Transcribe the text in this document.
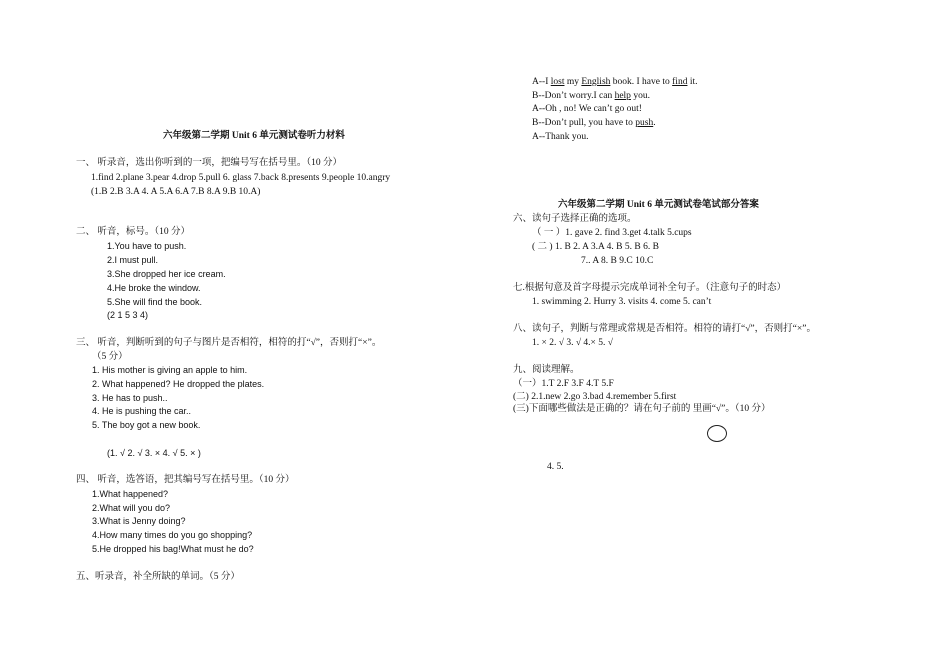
六年级第二学期 Unit 6 单元测试卷听力材料
一、 听录音，选出你听到的一项，把编号写在括号里。（10 分）
1.find 2.plane 3.pear 4.drop 5.pull 6. glass 7.back 8.presents 9.people 10.angry
(1.B 2.B 3.A 4. A 5.A 6.A 7.B 8.A 9.B 10.A)
二、 听音，标号。（10 分）
1.You have to push.
2.I must pull.
3.She dropped her ice cream.
4.He broke the window.
5.She will find the book.
(2 1 5 3 4)
三、 听音，判断听到的句子与图片是否相符，相符的打“√”，否则打“×”。
（5 分）
1. His mother is giving an apple to him.
2. What happened? He dropped the plates.
3. He has to push..
4. He is pushing the car..
5. The boy got a new book.
(1. √ 2. √ 3. × 4. √ 5. × )
四、 听音，选答语，把其编号写在括号里。（10 分）
1.What happened?
2.What will you do?
3.What is Jenny doing?
4.How many times do you go shopping?
5.He dropped his bag!What must he do?
五、听录音，补全所缺的单词。（5 分）
A--I lost my English book. I have to find it.
B--Don’t worry.I can help you.
A--Oh , no! We can’t go out!
B--Don’t pull, you have to push.
A--Thank you.
六年级第二学期 Unit 6 单元测试卷笔试部分答案
六、读句子选择正确的选项。
（ 一 ）1. gave 2. find 3.get 4.talk 5.cups
( 二 ) 1. B 2. A 3.A 4. B 5. B 6. B
7.. A 8. B 9.C 10.C
七.根据句意及首字母提示完成单词补全句子。（注意句子的时态）
1. swimming 2. Hurry 3. visits 4. come 5. can’t
八、读句子，判断与常理或常规是否相符。相符的请打“√”，否则打“×”。
1. × 2. √ 3. √ 4.× 5. √
九、阅读理解。
（一）1.T 2.F 3.F 4.T 5.F
(二) 2.1.new 2.go 3.bad 4.remember 5.first
(三)下面哪些做法是正确的？请在句子前的 里画“√”。（10 分）
4. 5.
